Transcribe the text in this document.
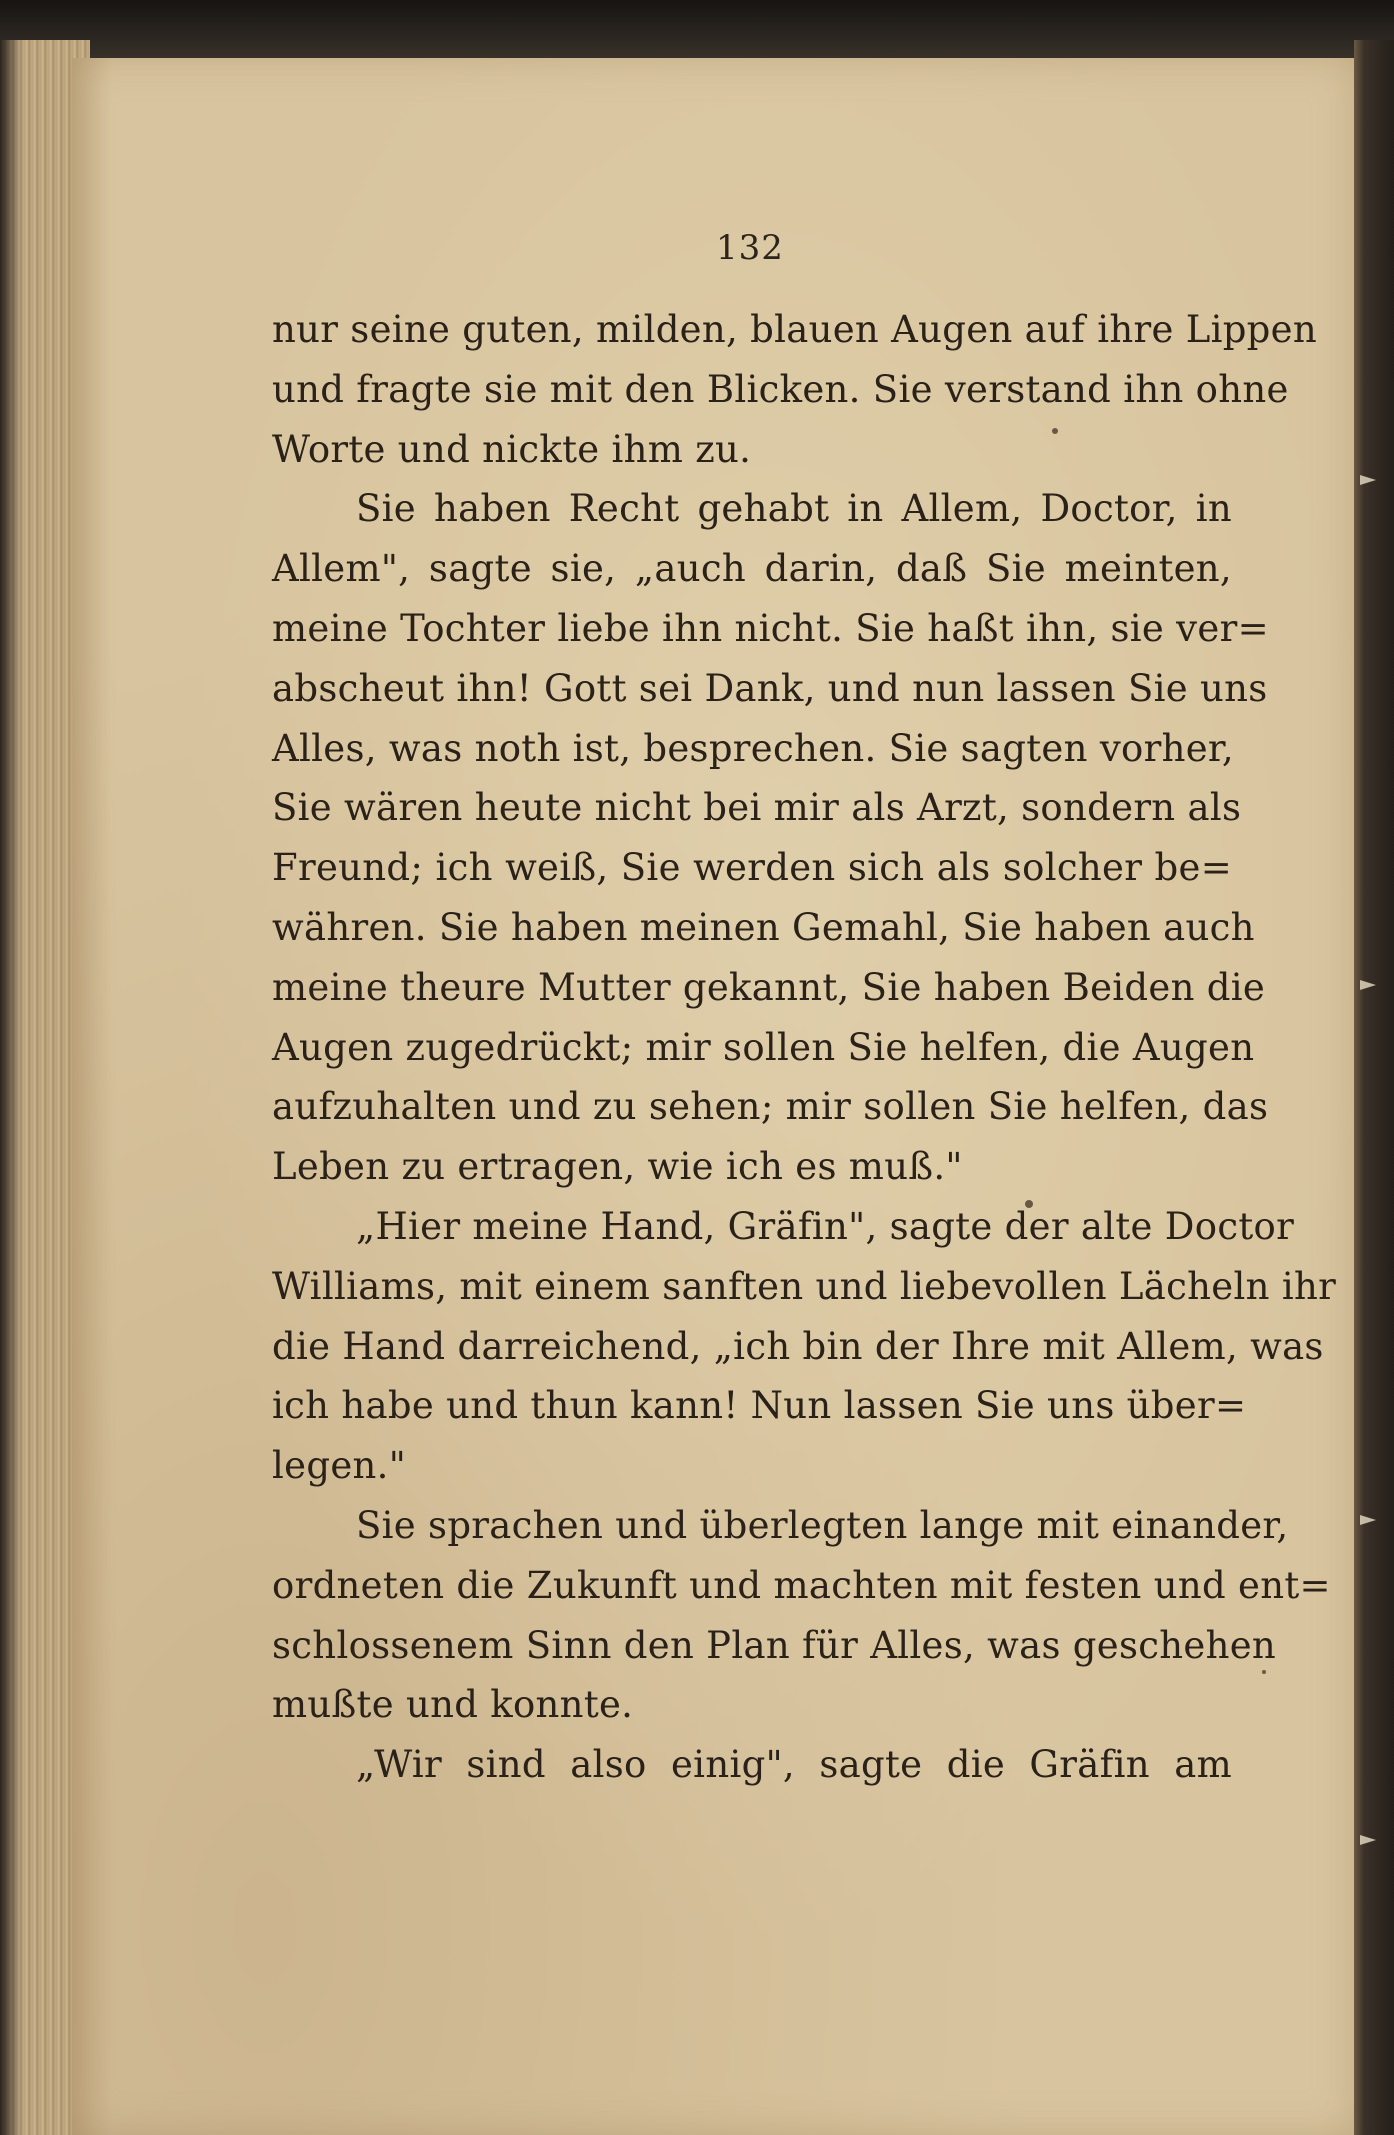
132
nur seine guten, milden, blauen Augen auf ihre Lippen
und fragte sie mit den Blicken. Sie verstand ihn ohne
Worte und nickte ihm zu.
Sie haben Recht gehabt in Allem, Doctor, in
Allem", sagte sie, „auch darin, daß Sie meinten,
meine Tochter liebe ihn nicht. Sie haßt ihn, sie ver=
abscheut ihn! Gott sei Dank, und nun lassen Sie uns
Alles, was noth ist, besprechen. Sie sagten vorher,
Sie wären heute nicht bei mir als Arzt, sondern als
Freund; ich weiß, Sie werden sich als solcher be=
währen. Sie haben meinen Gemahl, Sie haben auch
meine theure Mutter gekannt, Sie haben Beiden die
Augen zugedrückt; mir sollen Sie helfen, die Augen
aufzuhalten und zu sehen; mir sollen Sie helfen, das
Leben zu ertragen, wie ich es muß."
„Hier meine Hand, Gräfin", sagte der alte Doctor
Williams, mit einem sanften und liebevollen Lächeln ihr
die Hand darreichend, „ich bin der Ihre mit Allem, was
ich habe und thun kann! Nun lassen Sie uns über=
legen."
Sie sprachen und überlegten lange mit einander,
ordneten die Zukunft und machten mit festen und ent=
schlossenem Sinn den Plan für Alles, was geschehen
mußte und konnte.
„Wir sind also einig", sagte die Gräfin am
